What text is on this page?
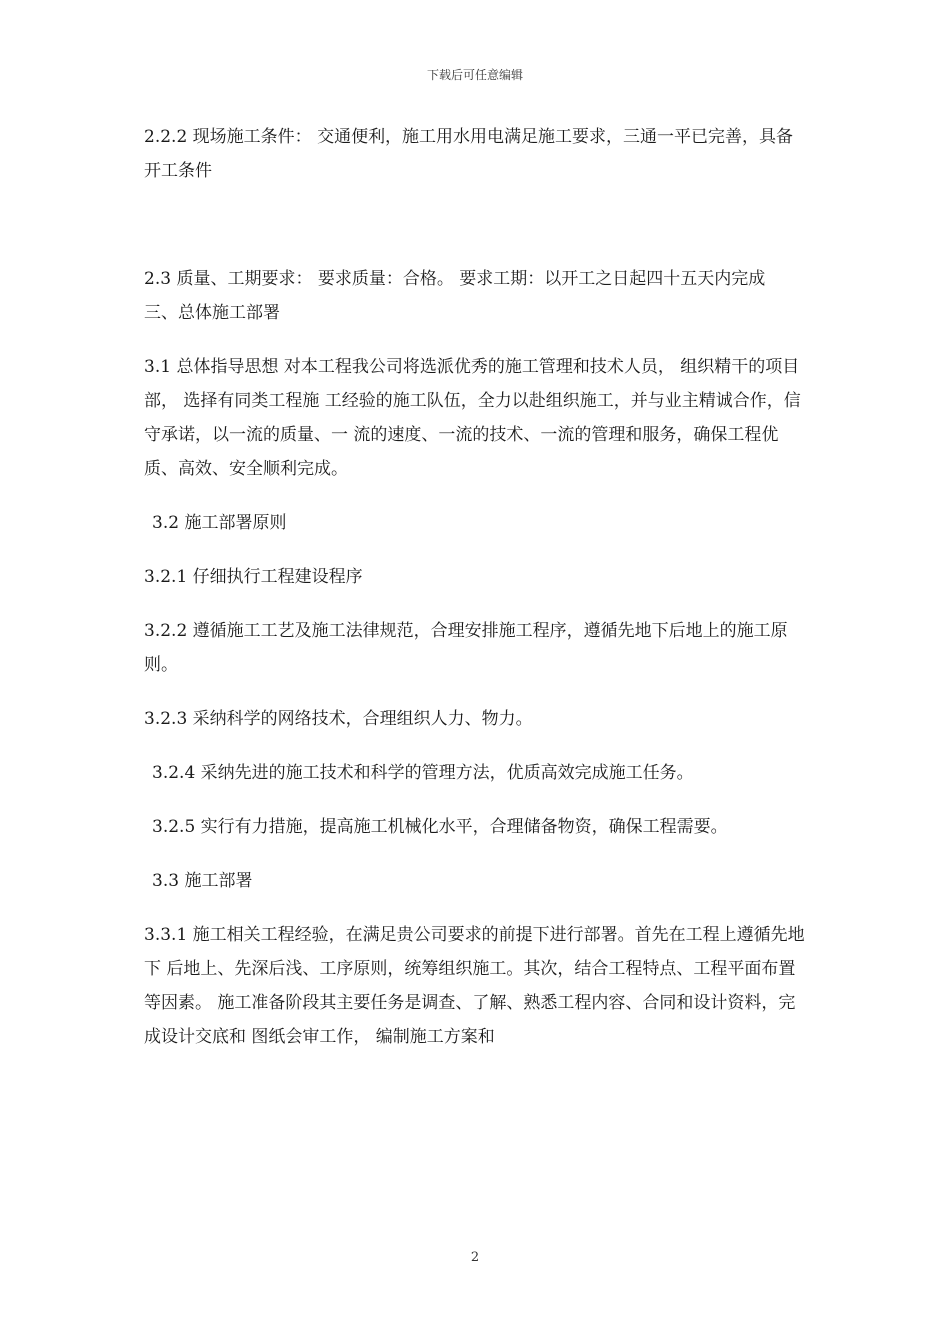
下载后可任意编辑

2.2.2 现场施工条件： 交通便利，施工用水用电满足施工要求，三通一平已完善，具备开工条件

2.3 质量、工期要求： 要求质量：合格。 要求工期：以开工之日起四十五天内完成

三、总体施工部署

3.1 总体指导思想 对本工程我公司将选派优秀的施工管理和技术人员， 组织精干的项目部， 选择有同类工程施 工经验的施工队伍，全力以赴组织施工，并与业主精诚合作，信守承诺，以一流的质量、一 流的速度、一流的技术、一流的管理和服务，确保工程优质、高效、安全顺利完成。

3.2 施工部署原则

3.2.1 仔细执行工程建设程序

3.2.2 遵循施工工艺及施工法律规范，合理安排施工程序，遵循先地下后地上的施工原则。

3.2.3 采纳科学的网络技术，合理组织人力、物力。

3.2.4 采纳先进的施工技术和科学的管理方法，优质高效完成施工任务。

3.2.5 实行有力措施，提高施工机械化水平，合理储备物资，确保工程需要。

3.3 施工部署

3.3.1 施工相关工程经验，在满足贵公司要求的前提下进行部署。首先在工程上遵循先地下 后地上、先深后浅、工序原则，统筹组织施工。其次，结合工程特点、工程平面布置等因素。 施工准备阶段其主要任务是调查、了解、熟悉工程内容、合同和设计资料，完成设计交底和 图纸会审工作， 编制施工方案和

2
